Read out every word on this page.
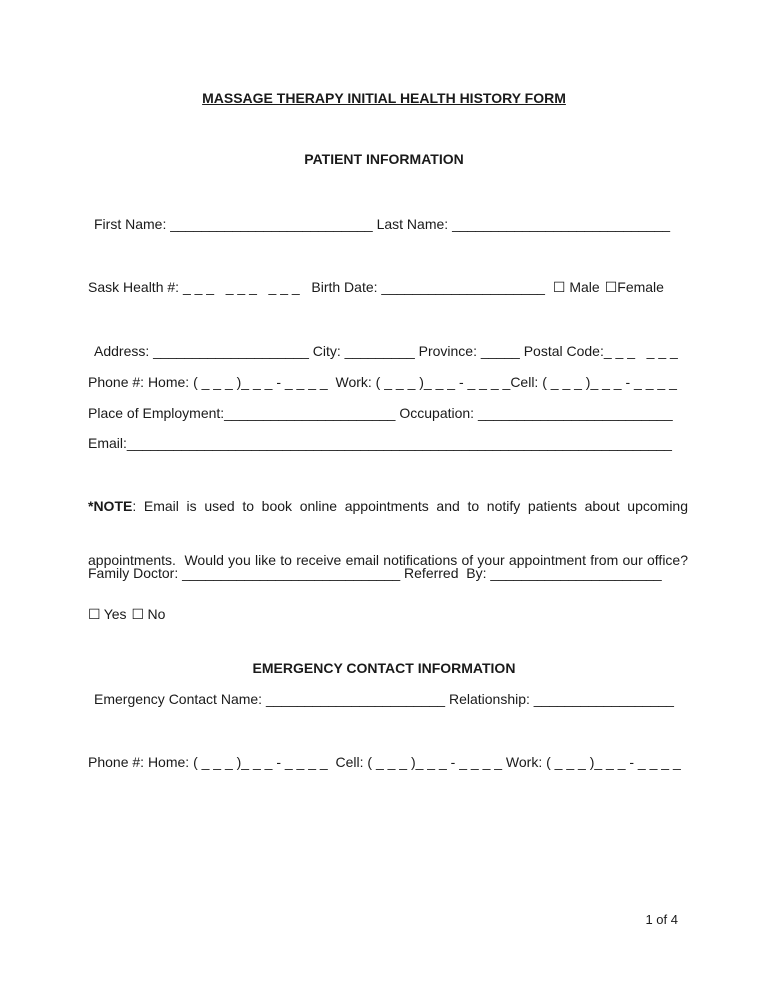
MASSAGE THERAPY INITIAL HEALTH HISTORY FORM
PATIENT INFORMATION
First Name: __________________________ Last Name: ____________________________
Sask Health #: _ _ _   _ _ _   _ _ _   Birth Date: _____________________ ☐ Male ☐Female
Address: ____________________ City: _________ Province: _____ Postal Code:_ _ _   _ _ _
Phone #: Home: ( _ _ _ )_ _ _ - _ _ _ _  Work: ( _ _ _ )_ _ _ - _ _ _ _Cell: ( _ _ _ )_ _ _ - _ _ _ _
Place of Employment:______________________ Occupation: _________________________
Email:______________________________________________________________________

*NOTE: Email is used to book online appointments and to notify patients about upcoming

appointments.  Would you like to receive email notifications of your appointment from our office?

☐ Yes ☐ No

Family Doctor: ____________________________ Referred  By: ______________________
EMERGENCY CONTACT INFORMATION
Emergency Contact Name: _______________________ Relationship: __________________
Phone #: Home: ( _ _ _ )_ _ _ - _ _ _ _  Cell: ( _ _ _ )_ _ _ - _ _ _ _ Work: ( _ _ _ )_ _ _ - _ _ _ _
1 of 4
